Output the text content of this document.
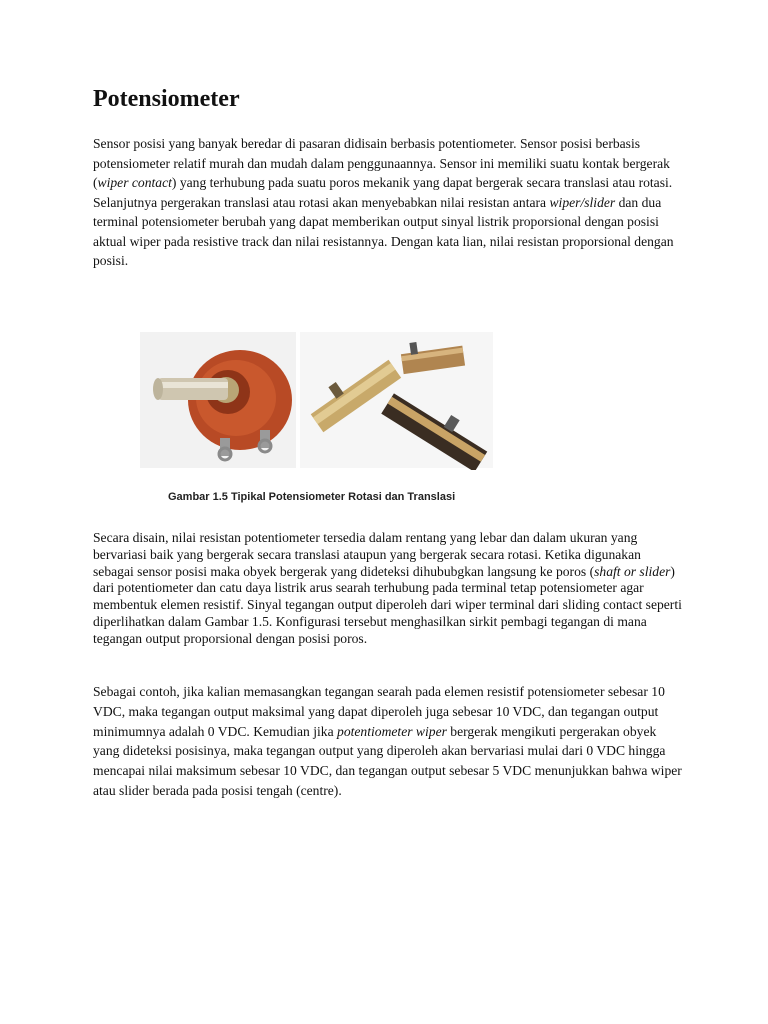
Potensiometer

Sensor posisi yang banyak beredar di pasaran didisain berbasis potentiometer. Sensor posisi berbasis potensiometer relatif murah dan mudah dalam penggunaannya. Sensor ini memiliki suatu kontak bergerak (wiper contact) yang terhubung pada suatu poros mekanik yang dapat bergerak secara translasi atau rotasi. Selanjutnya pergerakan translasi atau rotasi akan menyebabkan nilai resistan antara wiper/slider dan dua terminal potensiometer berubah yang dapat memberikan output sinyal listrik proporsional dengan posisi aktual wiper pada resistive track dan nilai resistannya. Dengan kata lian, nilai resistan proporsional dengan posisi.

Gambar 1.5 Tipikal Potensiometer Rotasi dan Translasi

Secara disain, nilai resistan potentiometer tersedia dalam rentang yang lebar dan dalam ukuran yang bervariasi baik yang bergerak secara translasi ataupun yang bergerak secara rotasi. Ketika digunakan sebagai sensor posisi maka obyek bergerak yang dideteksi dihububgkan langsung ke poros (shaft or slider) dari potentiometer dan catu daya listrik arus searah terhubung pada terminal tetap potensiometer agar membentuk elemen resistif. Sinyal tegangan output diperoleh dari wiper terminal dari sliding contact seperti diperlihatkan dalam Gambar 1.5. Konfigurasi tersebut menghasilkan sirkit pembagi tegangan di mana tegangan output proporsional dengan posisi poros.

Sebagai contoh, jika kalian memasangkan tegangan searah pada elemen resistif potensiometer sebesar 10 VDC, maka tegangan output maksimal yang dapat diperoleh juga sebesar 10 VDC, dan tegangan output minimumnya adalah 0 VDC. Kemudian jika potentiometer wiper bergerak mengikuti pergerakan obyek yang dideteksi posisinya, maka tegangan output yang diperoleh akan bervariasi mulai dari 0 VDC hingga mencapai nilai maksimum sebesar 10 VDC, dan tegangan output sebesar 5 VDC menunjukkan bahwa wiper atau slider berada pada posisi tengah (centre).
